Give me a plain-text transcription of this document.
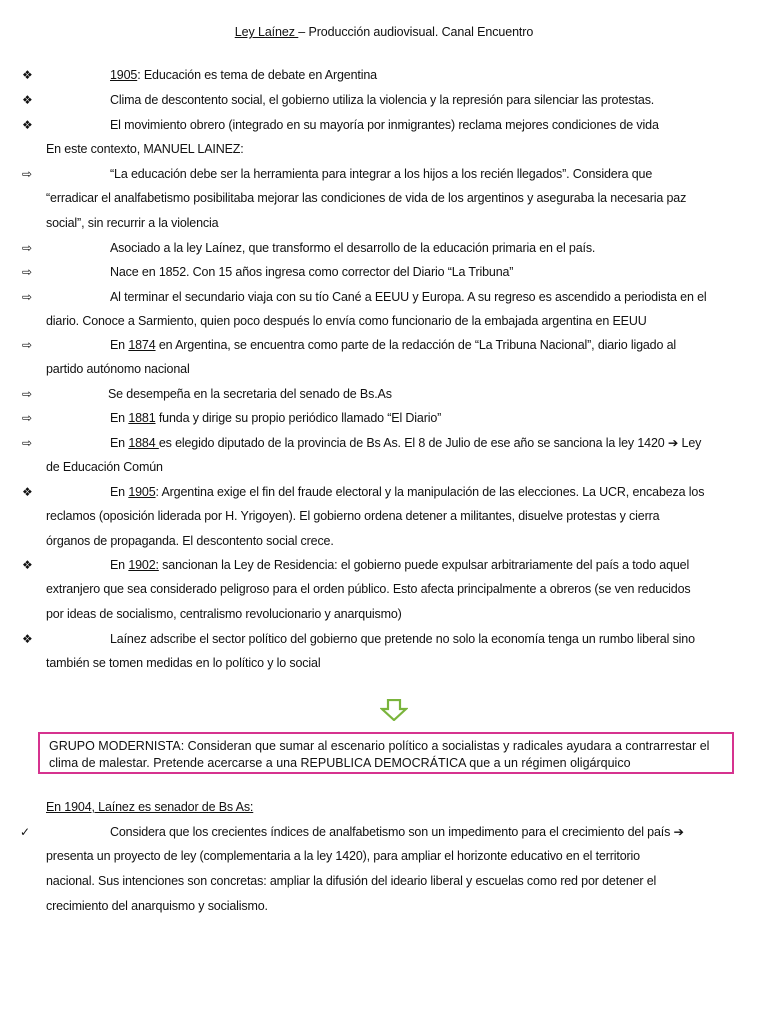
Ley Laínez – Producción audiovisual. Canal Encuentro
❖	1905: Educación es tema de debate en Argentina
❖	Clima de descontento social, el gobierno utiliza la violencia y la represión para silenciar las protestas.
❖	El movimiento obrero (integrado en su mayoría por inmigrantes) reclama mejores condiciones de vida
En este contexto, MANUEL LAINEZ:
⇨	“La educación debe ser la herramienta para integrar a los hijos a los recién llegados”. Considera que
“erradicar el analfabetismo posibilitaba mejorar las condiciones de vida de los argentinos y aseguraba la necesaria paz
social”, sin recurrir a la violencia
⇨	Asociado a la ley Laínez, que transformo el desarrollo de la educación primaria en el país.
⇨	Nace en 1852. Con 15 años ingresa como corrector del Diario “La Tribuna”
⇨	Al terminar el secundario viaja con su tío Cané a EEUU y Europa. A su regreso es ascendido a periodista en el
diario. Conoce a Sarmiento, quien poco después lo envía como funcionario de la embajada argentina en EEUU
⇨	En 1874 en Argentina, se encuentra como parte de la redacción de “La Tribuna Nacional”, diario ligado al
partido autónomo nacional
⇨	Se desempeña en la secretaria del senado de Bs.As
⇨	En 1881 funda y dirige su propio periódico llamado “El Diario”
⇨	En 1884 es elegido diputado de la provincia de Bs As. El 8 de Julio de ese año se sanciona la ley 1420 ➔ Ley
de Educación Común
❖	En 1905: Argentina exige el fin del fraude electoral y la manipulación de las elecciones. La UCR, encabeza los
reclamos (oposición liderada por H. Yrigoyen). El gobierno ordena detener a militantes, disuelve protestas y cierra
órganos de propaganda. El descontento social crece.
❖	En 1902: sancionan la Ley de Residencia: el gobierno puede expulsar arbitrariamente del país a todo aquel
extranjero que sea considerado peligroso para el orden público. Esto afecta principalmente a obreros (se ven reducidos
por ideas de socialismo, centralismo revolucionario y anarquismo)
❖	Laínez adscribe el sector político del gobierno que pretende no solo la economía tenga un rumbo liberal sino
también se tomen medidas en lo político y lo social
GRUPO MODERNISTA: Consideran que sumar al escenario político a socialistas y radicales ayudara a contrarrestar el
clima de malestar. Pretende acercarse a una REPUBLICA DEMOCRÁTICA que a un régimen oligárquico
En 1904, Laínez es senador de Bs As:
✓	Considera que los crecientes índices de analfabetismo son un impedimento para el crecimiento del país ➔
presenta un proyecto de ley (complementaria a la ley 1420), para ampliar el horizonte educativo en el territorio
nacional. Sus intenciones son concretas: ampliar la difusión del ideario liberal y escuelas como red por detener el
crecimiento del anarquismo y socialismo.
